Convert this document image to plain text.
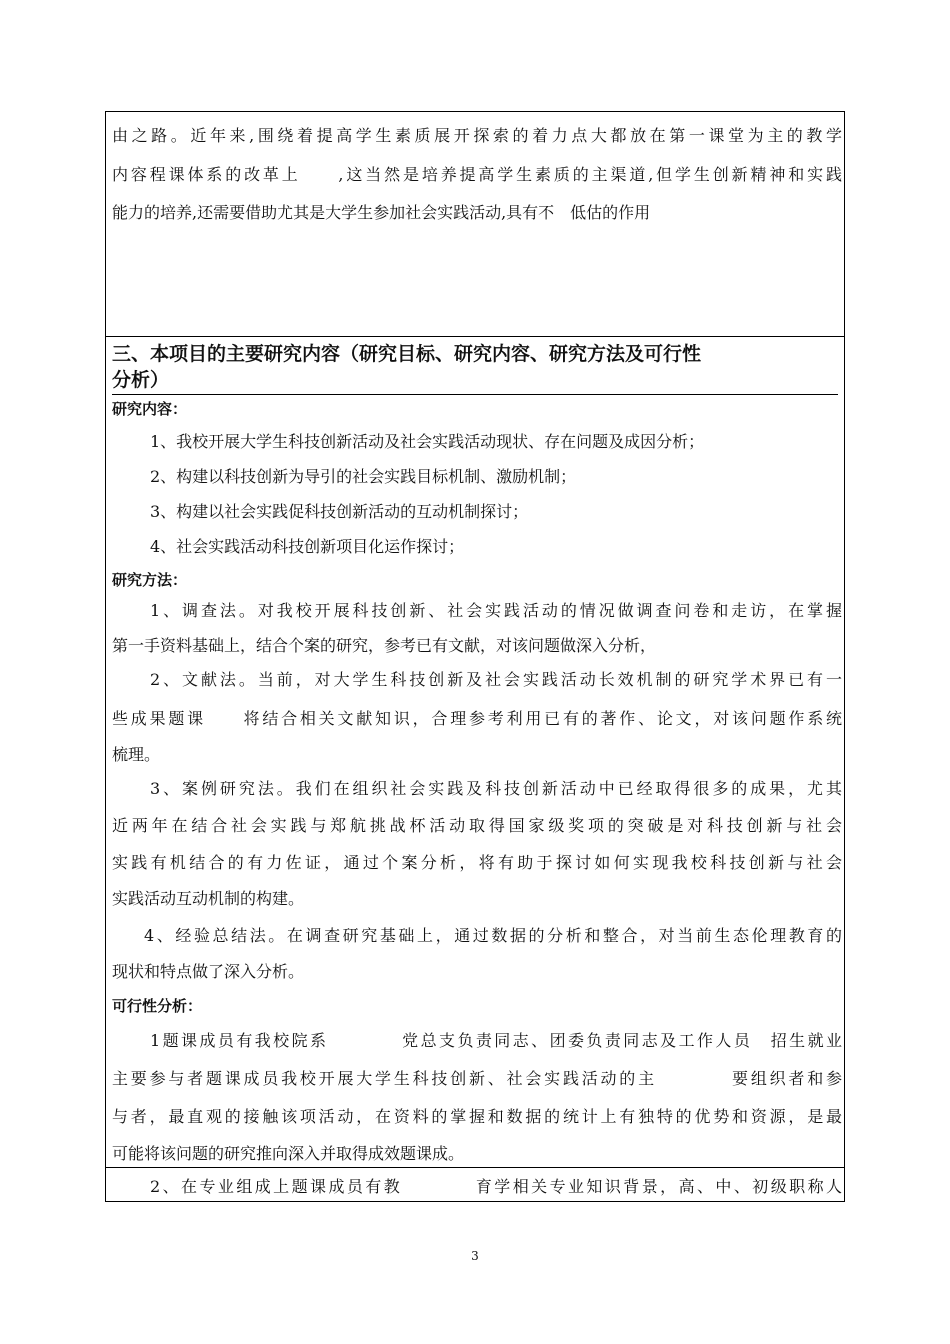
由之路。近年来,围绕着提高学生素质展开探索的着力点大都放在第一课堂为主的教学
内容程课体系的改革上　　,这当然是培养提高学生素质的主渠道,但学生创新精神和实践
能力的培养,还需要借助尤其是大学生参加社会实践活动,具有不　低估的作用
三、本项目的主要研究内容（研究目标、研究内容、研究方法及可行性
分析）
研究内容：
1、我校开展大学生科技创新活动及社会实践活动现状、存在问题及成因分析；
2、构建以科技创新为导引的社会实践目标机制、激励机制；
3、构建以社会实践促科技创新活动的互动机制探讨；
4、社会实践活动科技创新项目化运作探讨；
研究方法：
1、调查法。对我校开展科技创新、社会实践活动的情况做调查问卷和走访，在掌握
第一手资料基础上，结合个案的研究，参考已有文献，对该问题做深入分析，
2、文献法。当前，对大学生科技创新及社会实践活动长效机制的研究学术界已有一
些成果题课　　将结合相关文献知识，合理参考利用已有的著作、论文，对该问题作系统
梳理。
3、案例研究法。我们在组织社会实践及科技创新活动中已经取得很多的成果，尤其
近两年在结合社会实践与郑航挑战杯活动取得国家级奖项的突破是对科技创新与社会
实践有机结合的有力佐证，通过个案分析，将有助于探讨如何实现我校科技创新与社会
实践活动互动机制的构建。
4、经验总结法。在调查研究基础上，通过数据的分析和整合，对当前生态伦理教育的
现状和特点做了深入分析。
可行性分析：
1题课成员有我校院系　　　　党总支负责同志、团委负责同志及工作人员　招生就业
主要参与者题课成员我校开展大学生科技创新、社会实践活动的主　　　　要组织者和参
与者，最直观的接触该项活动，在资料的掌握和数据的统计上有独特的优势和资源，是最
可能将该问题的研究推向深入并取得成效题课成。
2、在专业组成上题课成员有教　　　　育学相关专业知识背景，高、中、初级职称人
3
